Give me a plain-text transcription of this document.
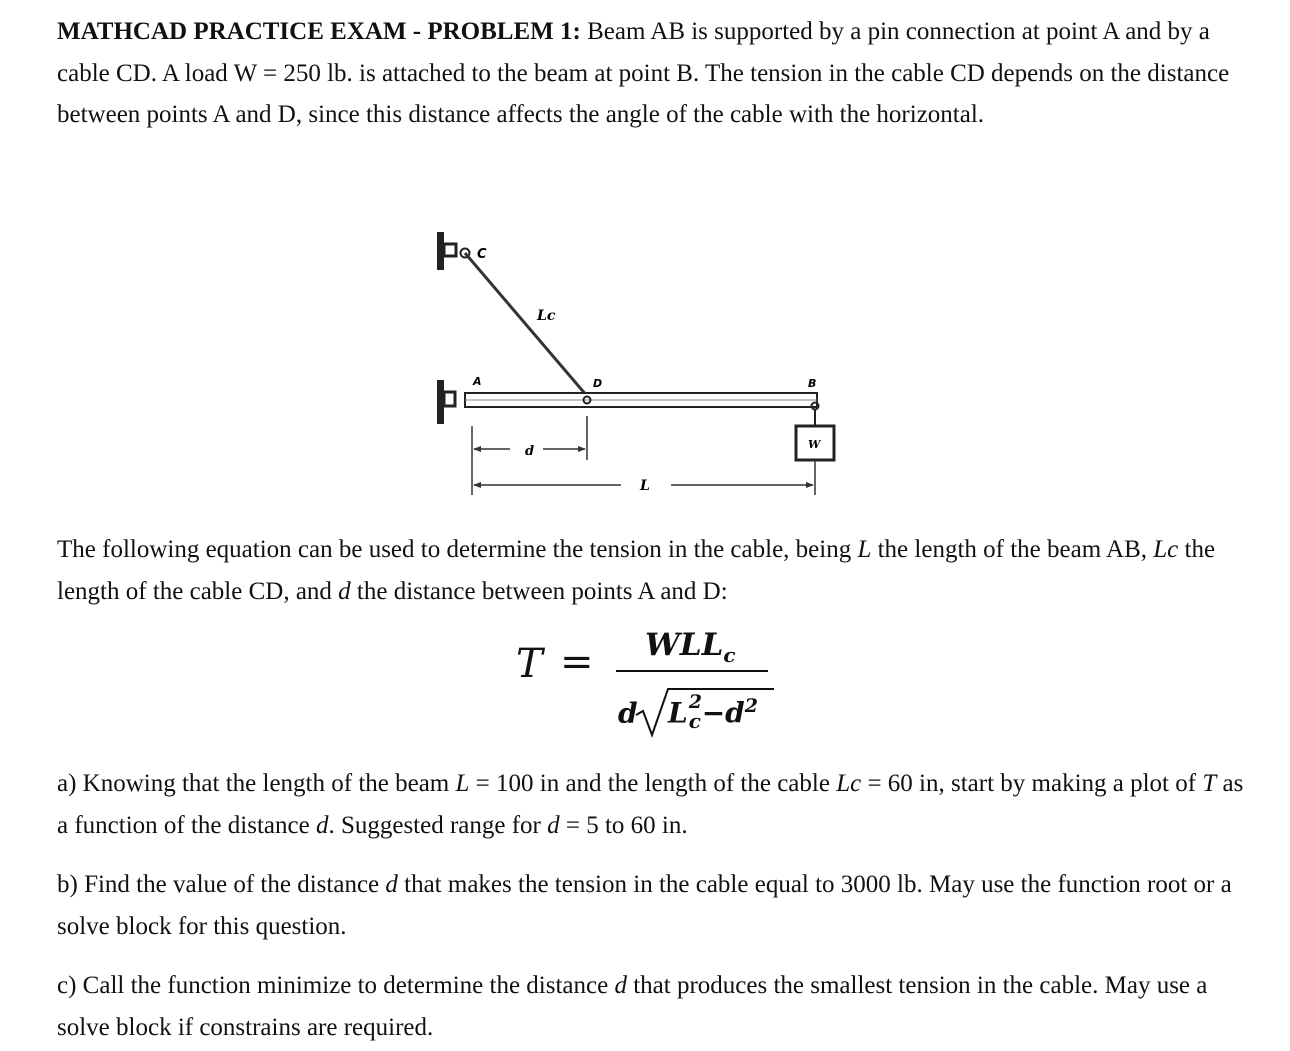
MATHCAD PRACTICE EXAM - PROBLEM 1: Beam AB is supported by a pin connection at point A and by a cable CD. A load W = 250 lb. is attached to the beam at point B. The tension in the cable CD depends on the distance between points A and D, since this distance affects the angle of the cable with the horizontal.
C
Lc
A	D	B
W
d
L
The following equation can be used to determine the tension in the cable, being L the length of the beam AB, Lc the length of the cable CD, and d the distance between points A and D:
$T = WLL_c$
d L 2
$c -d^2$
a) Knowing that the length of the beam L = 100 in and the length of the cable Lc = 60 in, start by making a plot of T as a function of the distance d. Suggested range for d = 5 to 60 in.
b) Find the value of the distance d that makes the tension in the cable equal to 3000 lb. May use the function root or a solve block for this question.
c) Call the function minimize to determine the distance d that produces the smallest tension in the cable. May use a solve block if constrains are required.
